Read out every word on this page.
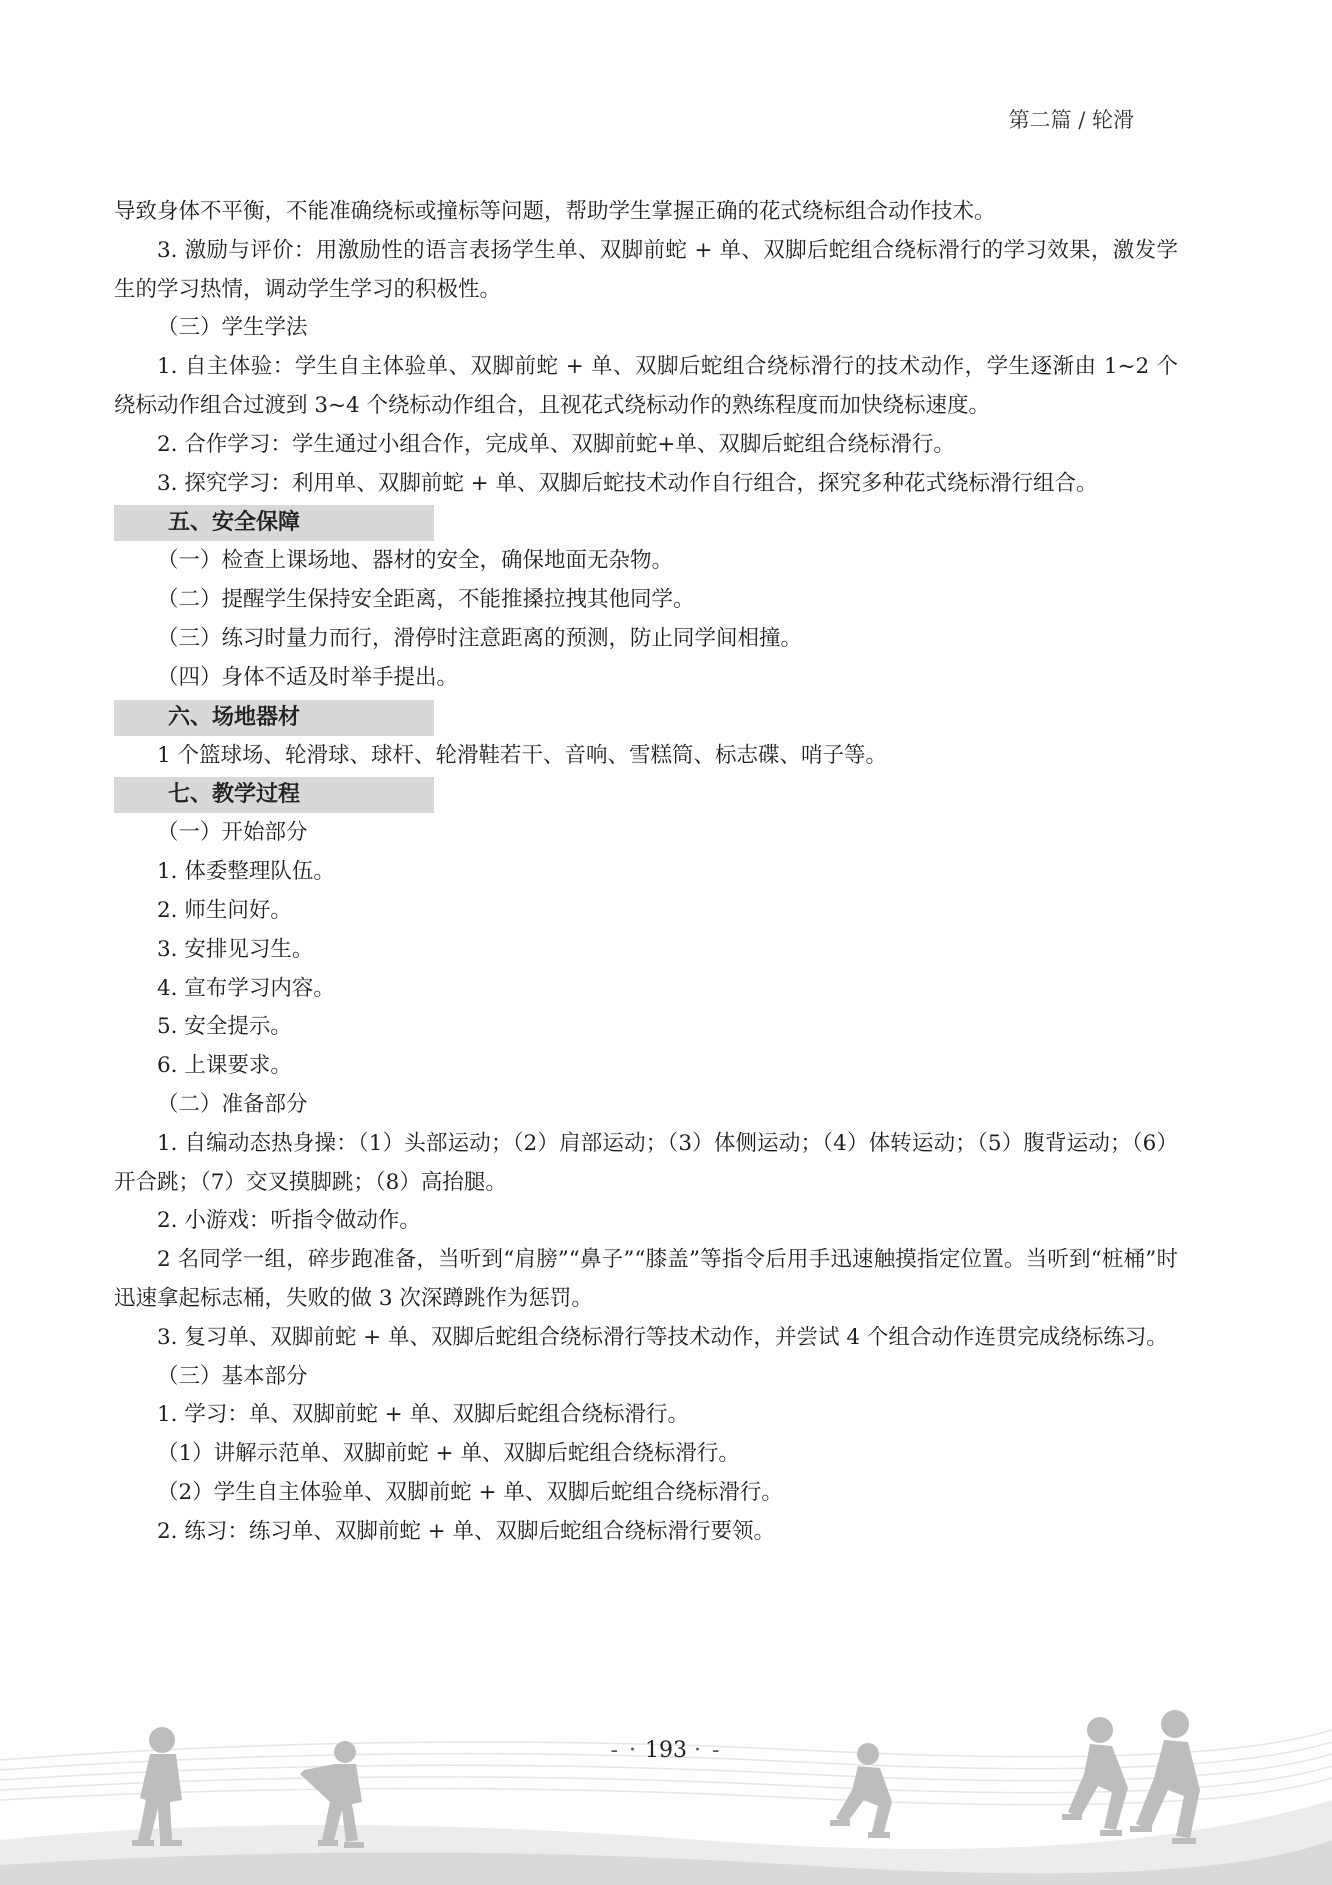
第二篇 / 轮滑
导致身体不平衡，不能准确绕标或撞标等问题，帮助学生掌握正确的花式绕标组合动作技术。
3. 激励与评价：用激励性的语言表扬学生单、双脚前蛇 + 单、双脚后蛇组合绕标滑行的学习效果，激发学生的学习热情，调动学生学习的积极性。
（三）学生学法
1. 自主体验：学生自主体验单、双脚前蛇 + 单、双脚后蛇组合绕标滑行的技术动作，学生逐渐由 1~2 个绕标动作组合过渡到 3~4 个绕标动作组合，且视花式绕标动作的熟练程度而加快绕标速度。
2. 合作学习：学生通过小组合作，完成单、双脚前蛇+单、双脚后蛇组合绕标滑行。
3. 探究学习：利用单、双脚前蛇 + 单、双脚后蛇技术动作自行组合，探究多种花式绕标滑行组合。
五、安全保障
（一）检查上课场地、器材的安全，确保地面无杂物。
（二）提醒学生保持安全距离，不能推搡拉拽其他同学。
（三）练习时量力而行，滑停时注意距离的预测，防止同学间相撞。
（四）身体不适及时举手提出。
六、场地器材
1 个篮球场、轮滑球、球杆、轮滑鞋若干、音响、雪糕筒、标志碟、哨子等。
七、教学过程
（一）开始部分
1. 体委整理队伍。
2. 师生问好。
3. 安排见习生。
4. 宣布学习内容。
5. 安全提示。
6. 上课要求。
（二）准备部分
1. 自编动态热身操：（1）头部运动；（2）肩部运动；（3）体侧运动；（4）体转运动；（5）腹背运动；（6）开合跳；（7）交叉摸脚跳；（8）高抬腿。
2. 小游戏：听指令做动作。
2 名同学一组，碎步跑准备，当听到“肩膀”“鼻子”“膝盖”等指令后用手迅速触摸指定位置。当听到“桩桶”时迅速拿起标志桶，失败的做 3 次深蹲跳作为惩罚。
3. 复习单、双脚前蛇 + 单、双脚后蛇组合绕标滑行等技术动作，并尝试 4 个组合动作连贯完成绕标练习。
（三）基本部分
1. 学习：单、双脚前蛇 + 单、双脚后蛇组合绕标滑行。
（1）讲解示范单、双脚前蛇 + 单、双脚后蛇组合绕标滑行。
（2）学生自主体验单、双脚前蛇 + 单、双脚后蛇组合绕标滑行。
2. 练习：练习单、双脚前蛇 + 单、双脚后蛇组合绕标滑行要领。
- · 193 · -
